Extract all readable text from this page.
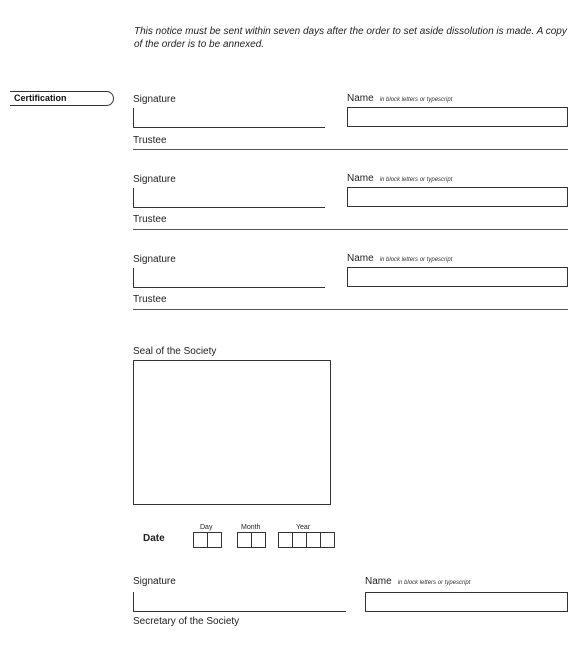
This notice must be sent within seven days after the order to set aside dissolution is made. A copy of the order is to be annexed.
Certification	Signature	Name in block letters or typescript
Trustee
Signature	Name in block letters or typescript
Trustee
Signature	Name in block letters or typescript
Trustee
Seal of the Society
Date
Day	Month	Year
Signature	Name in block letters or typescript
Secretary of the Society
